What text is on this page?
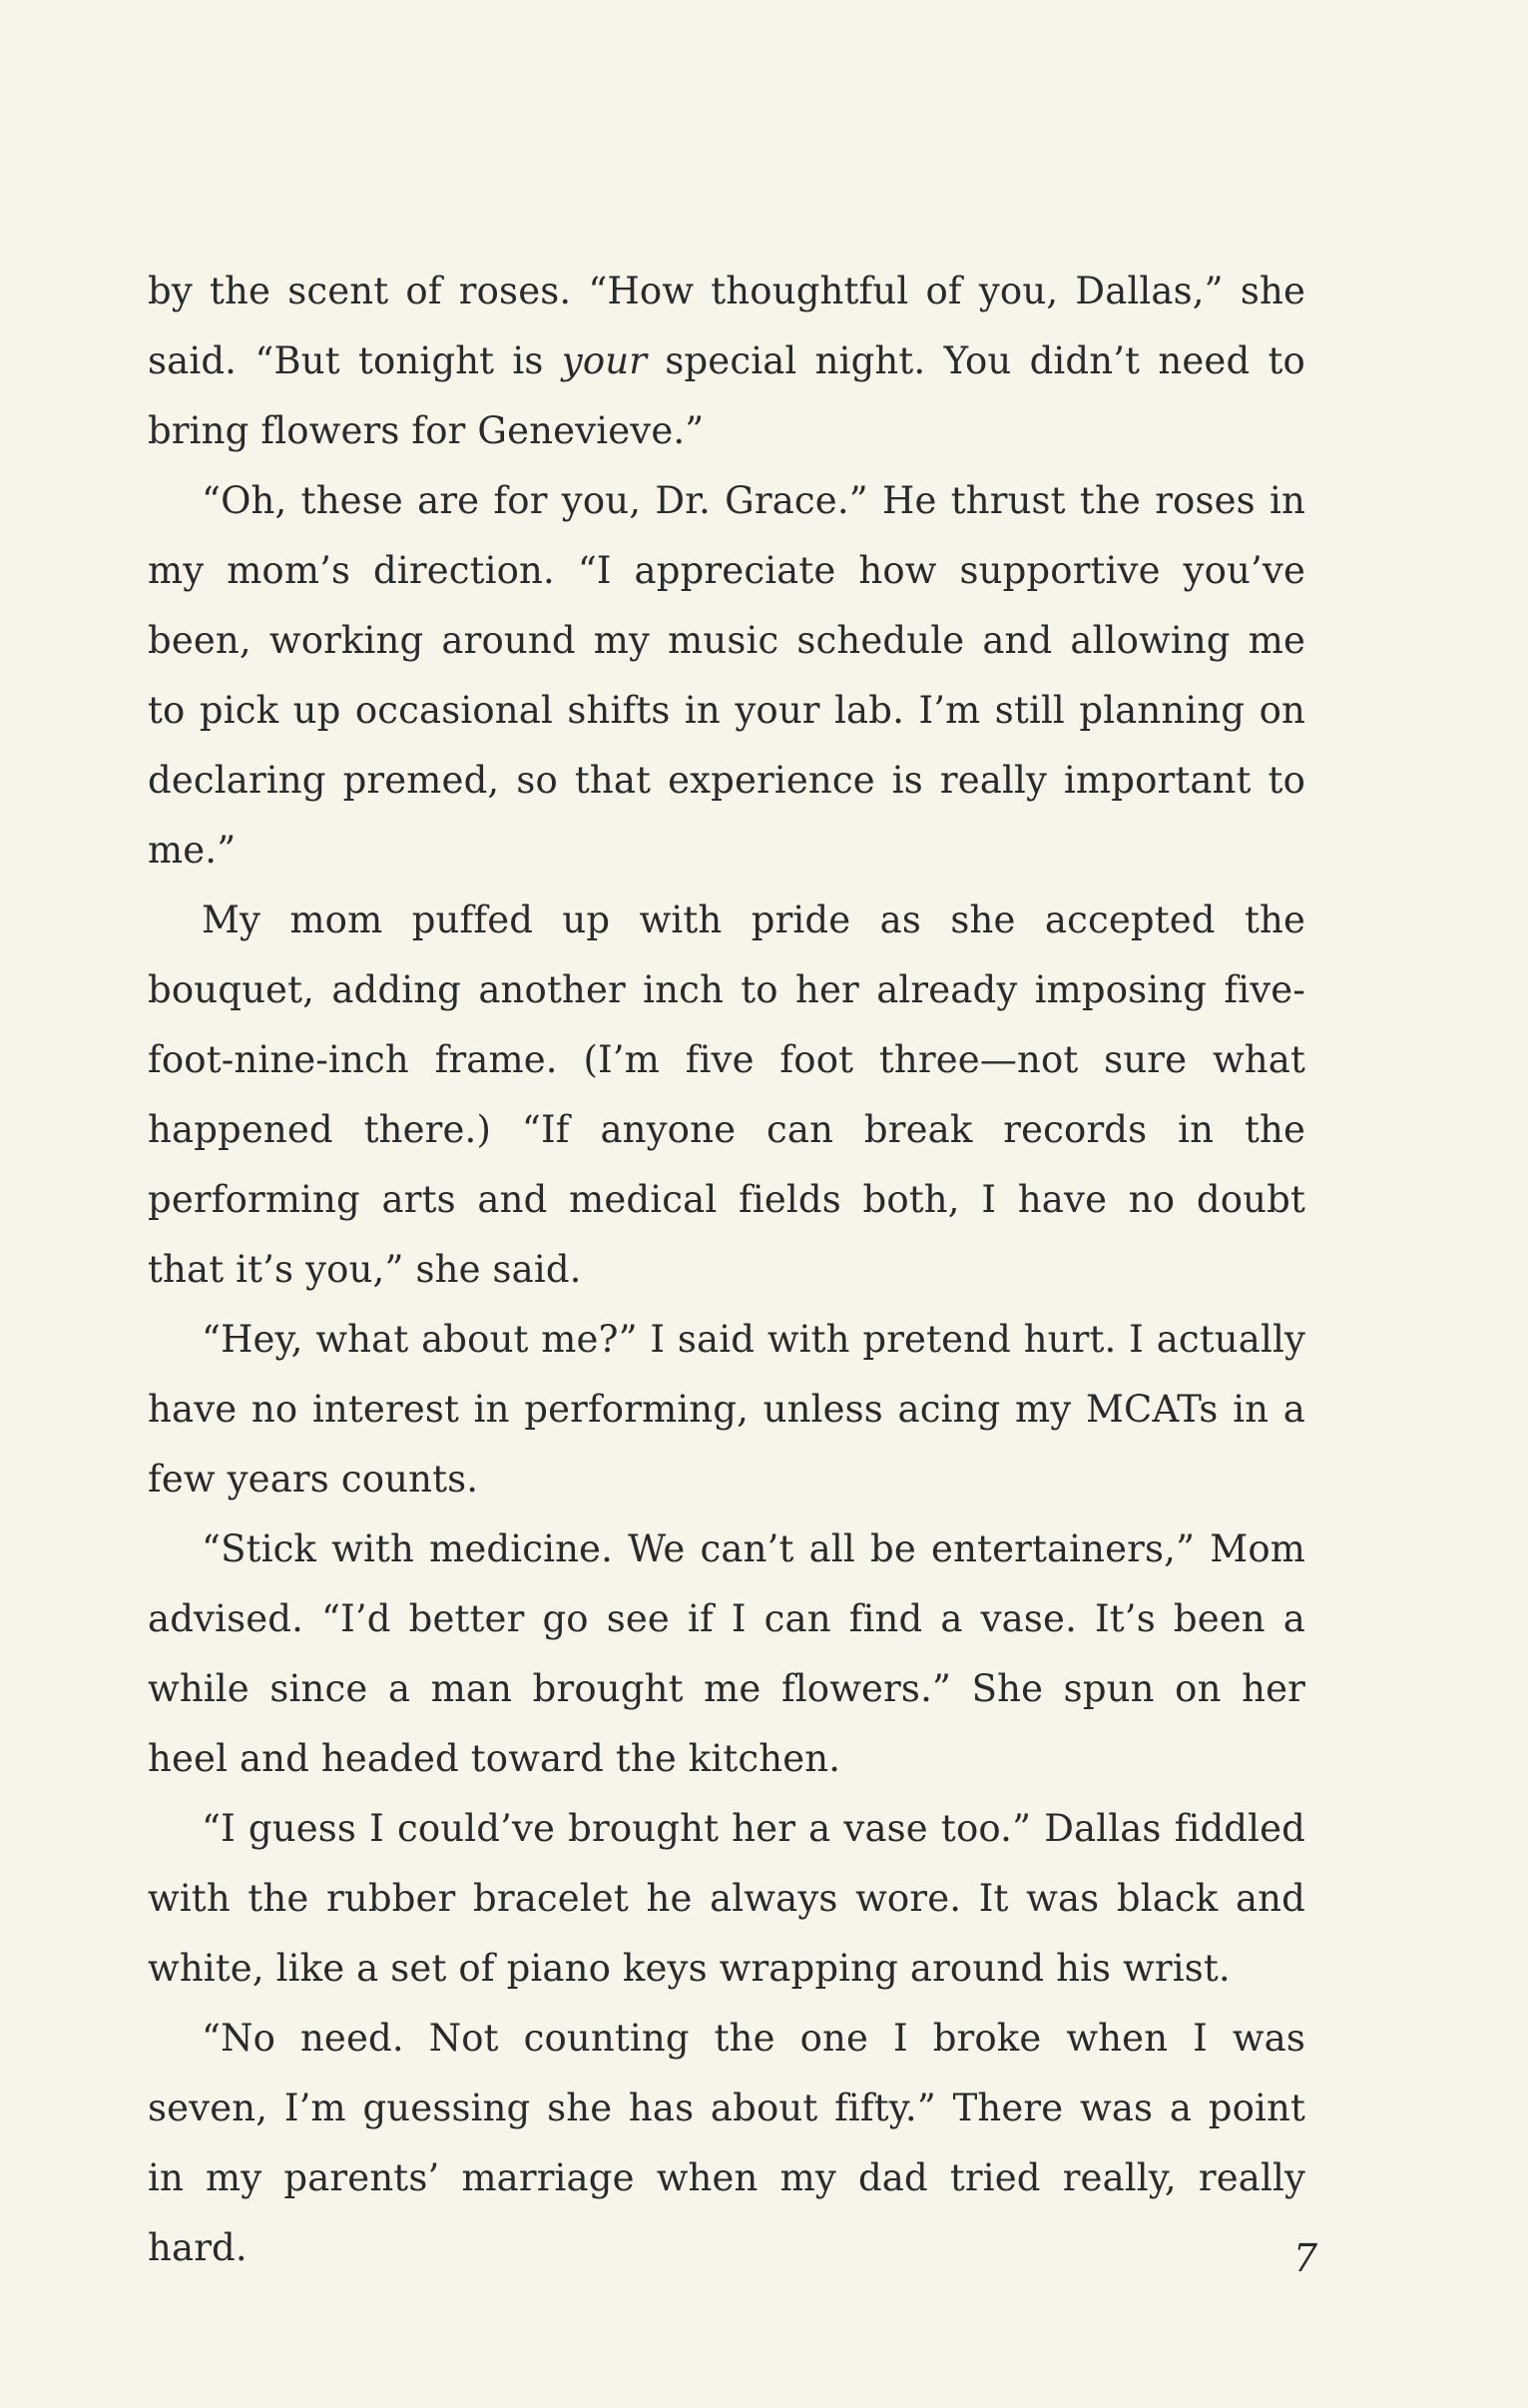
by the scent of roses. “How thoughtful of you, Dallas,” she said. “But tonight is your special night. You didn’t need to bring flowers for Genevieve.”

“Oh, these are for you, Dr. Grace.” He thrust the roses in my mom’s direction. “I appreciate how supportive you’ve been, working around my music schedule and allowing me to pick up occasional shifts in your lab. I’m still planning on declaring premed, so that experience is really important to me.”

My mom puffed up with pride as she accepted the bouquet, adding another inch to her already imposing five-foot-nine-inch frame. (I’m five foot three—not sure what happened there.) “If anyone can break records in the performing arts and medical fields both, I have no doubt that it’s you,” she said.

“Hey, what about me?” I said with pretend hurt. I actually have no interest in performing, unless acing my MCATs in a few years counts.

“Stick with medicine. We can’t all be entertainers,” Mom advised. “I’d better go see if I can find a vase. It’s been a while since a man brought me flowers.” She spun on her heel and headed toward the kitchen.

“I guess I could’ve brought her a vase too.” Dallas fiddled with the rubber bracelet he always wore. It was black and white, like a set of piano keys wrapping around his wrist.

“No need. Not counting the one I broke when I was seven, I’m guessing she has about fifty.” There was a point in my parents’ marriage when my dad tried really, really hard.	7
